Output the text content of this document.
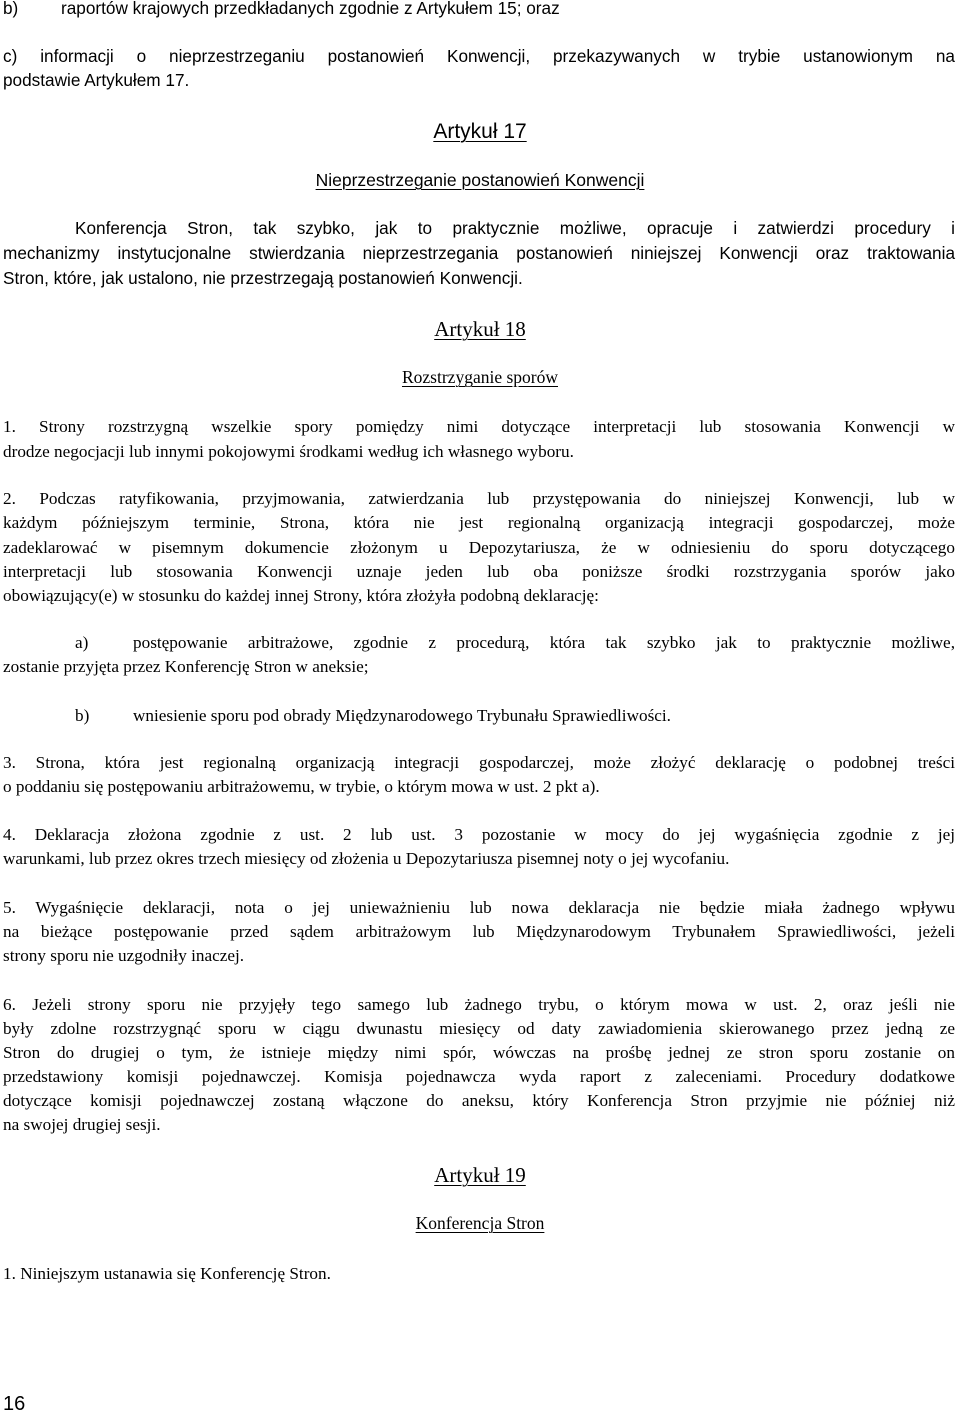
b) raportów krajowych przedkładanych zgodnie z Artykułem 15; oraz
c) informacji o nieprzestrzeganiu postanowień Konwencji, przekazywanych w trybie ustanowionym na
podstawie Artykułem 17.
Artykuł 17
Nieprzestrzeganie postanowień Konwencji
Konferencja Stron, tak szybko, jak to praktycznie możliwe, opracuje i zatwierdzi procedury i
mechanizmy instytucjonalne stwierdzania nieprzestrzegania postanowień niniejszej Konwencji oraz traktowania
Stron, które, jak ustalono, nie przestrzegają postanowień Konwencji.
Artykuł 18
Rozstrzyganie sporów
1. Strony rozstrzygną wszelkie spory pomiędzy nimi dotyczące interpretacji lub stosowania Konwencji w
drodze negocjacji lub innymi pokojowymi środkami według ich własnego wyboru.
2. Podczas ratyfikowania, przyjmowania, zatwierdzania lub przystępowania do niniejszej Konwencji, lub w
każdym późniejszym terminie, Strona, która nie jest regionalną organizacją integracji gospodarczej, może
zadeklarować w pisemnym dokumencie złożonym u Depozytariusza, że w odniesieniu do sporu dotyczącego
interpretacji lub stosowania Konwencji uznaje jeden lub oba poniższe środki rozstrzygania sporów jako
obowiązujący(e) w stosunku do każdej innej Strony, która złożyła podobną deklarację:
a)	postępowanie arbitrażowe, zgodnie z procedurą, która tak szybko jak to praktycznie możliwe,
zostanie przyjęta przez Konferencję Stron w aneksie;
b)	wniesienie sporu pod obrady Międzynarodowego Trybunału Sprawiedliwości.
3. Strona, która jest regionalną organizacją integracji gospodarczej, może złożyć deklarację o podobnej treści
o poddaniu się postępowaniu arbitrażowemu, w trybie, o którym mowa w ust. 2 pkt a).
4. Deklaracja złożona zgodnie z ust. 2 lub ust. 3 pozostanie w mocy do jej wygaśnięcia zgodnie z jej
warunkami, lub przez okres trzech miesięcy od złożenia u Depozytariusza pisemnej noty o jej wycofaniu.
5. Wygaśnięcie deklaracji, nota o jej unieważnieniu lub nowa deklaracja nie będzie miała żadnego wpływu
na bieżące postępowanie przed sądem arbitrażowym lub Międzynarodowym Trybunałem Sprawiedliwości, jeżeli
strony sporu nie uzgodniły inaczej.
6. Jeżeli strony sporu nie przyjęły tego samego lub żadnego trybu, o którym mowa w ust. 2, oraz jeśli nie
były zdolne rozstrzygnąć sporu w ciągu dwunastu miesięcy od daty zawiadomienia skierowanego przez jedną ze
Stron do drugiej o tym, że istnieje między nimi spór, wówczas na prośbę jednej ze stron sporu zostanie on
przedstawiony komisji pojednawczej. Komisja pojednawcza wyda raport z zaleceniami. Procedury dodatkowe
dotyczące komisji pojednawczej zostaną włączone do aneksu, który Konferencja Stron przyjmie nie później niż
na swojej drugiej sesji.
Artykuł 19
Konferencja Stron
1. Niniejszym ustanawia się Konferencję Stron.
16
